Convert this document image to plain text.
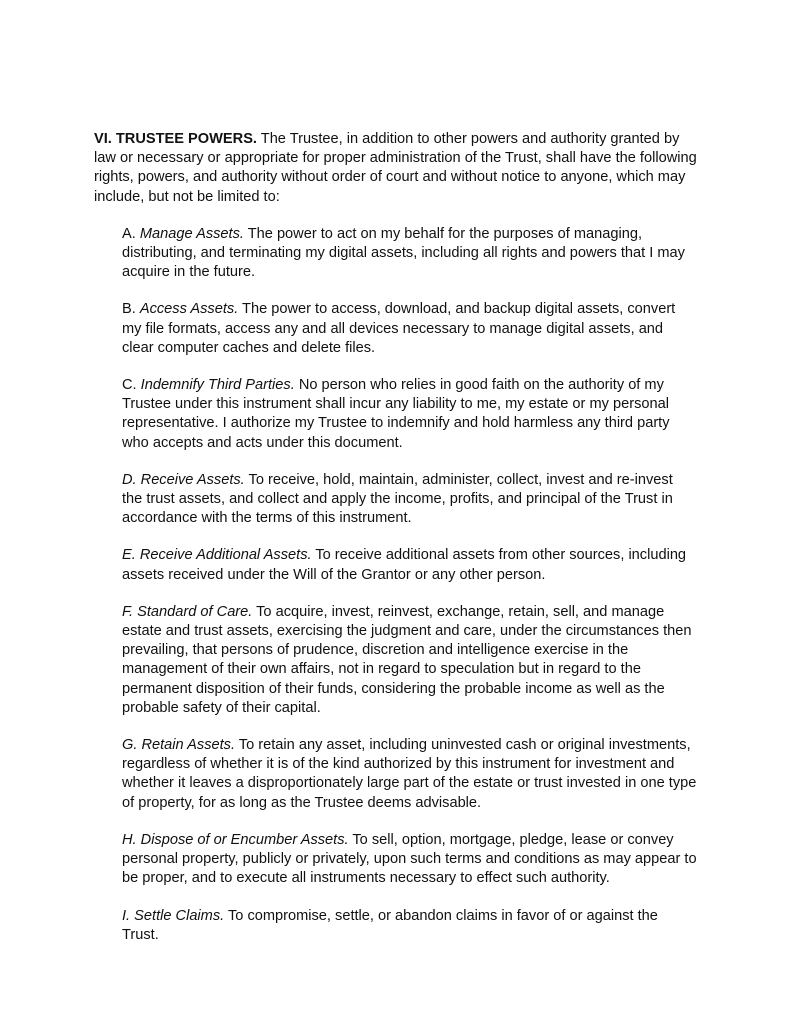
VI. TRUSTEE POWERS. The Trustee, in addition to other powers and authority granted by law or necessary or appropriate for proper administration of the Trust, shall have the following rights, powers, and authority without order of court and without notice to anyone, which may include, but not be limited to:

A. Manage Assets. The power to act on my behalf for the purposes of managing, distributing, and terminating my digital assets, including all rights and powers that I may acquire in the future.

B. Access Assets. The power to access, download, and backup digital assets, convert my file formats, access any and all devices necessary to manage digital assets, and clear computer caches and delete files.

C. Indemnify Third Parties. No person who relies in good faith on the authority of my Trustee under this instrument shall incur any liability to me, my estate or my personal representative. I authorize my Trustee to indemnify and hold harmless any third party who accepts and acts under this document.

D. Receive Assets. To receive, hold, maintain, administer, collect, invest and re-invest the trust assets, and collect and apply the income, profits, and principal of the Trust in accordance with the terms of this instrument.

E. Receive Additional Assets. To receive additional assets from other sources, including assets received under the Will of the Grantor or any other person.

F. Standard of Care. To acquire, invest, reinvest, exchange, retain, sell, and manage estate and trust assets, exercising the judgment and care, under the circumstances then prevailing, that persons of prudence, discretion and intelligence exercise in the management of their own affairs, not in regard to speculation but in regard to the permanent disposition of their funds, considering the probable income as well as the probable safety of their capital.

G. Retain Assets. To retain any asset, including uninvested cash or original investments, regardless of whether it is of the kind authorized by this instrument for investment and whether it leaves a disproportionately large part of the estate or trust invested in one type of property, for as long as the Trustee deems advisable.

H. Dispose of or Encumber Assets. To sell, option, mortgage, pledge, lease or convey personal property, publicly or privately, upon such terms and conditions as may appear to be proper, and to execute all instruments necessary to effect such authority.

I. Settle Claims. To compromise, settle, or abandon claims in favor of or against the Trust.
